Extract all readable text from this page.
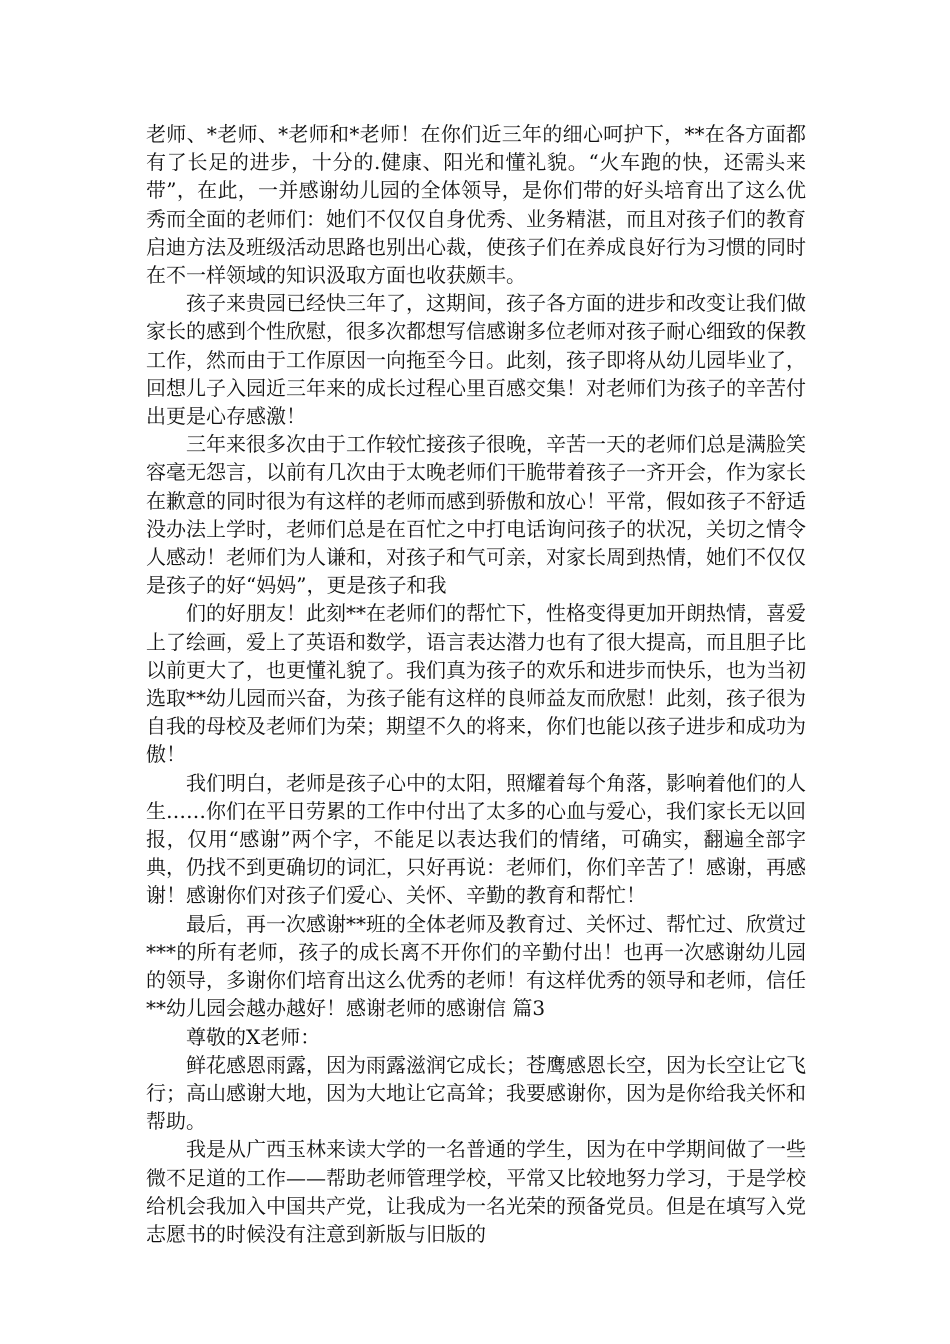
老师、*老师、*老师和*老师！在你们近三年的细心呵护下，**在各方面都有了长足的进步，十分的.健康、阳光和懂礼貌。“火车跑的快，还需头来带”，在此，一并感谢幼儿园的全体领导，是你们带的好头培育出了这么优秀而全面的老师们：她们不仅仅自身优秀、业务精湛，而且对孩子们的教育启迪方法及班级活动思路也别出心裁，使孩子们在养成良好行为习惯的同时在不一样领域的知识汲取方面也收获颇丰。

孩子来贵园已经快三年了，这期间，孩子各方面的进步和改变让我们做家长的感到个性欣慰，很多次都想写信感谢多位老师对孩子耐心细致的保教工作，然而由于工作原因一向拖至今日。此刻，孩子即将从幼儿园毕业了，回想儿子入园近三年来的成长过程心里百感交集！对老师们为孩子的辛苦付出更是心存感激！

三年来很多次由于工作较忙接孩子很晚，辛苦一天的老师们总是满脸笑容毫无怨言，以前有几次由于太晚老师们干脆带着孩子一齐开会，作为家长在歉意的同时很为有这样的老师而感到骄傲和放心！平常，假如孩子不舒适没办法上学时，老师们总是在百忙之中打电话询问孩子的状况，关切之情令人感动！老师们为人谦和，对孩子和气可亲，对家长周到热情，她们不仅仅是孩子的好“妈妈”，更是孩子和我

们的好朋友！此刻**在老师们的帮忙下，性格变得更加开朗热情，喜爱上了绘画，爱上了英语和数学，语言表达潜力也有了很大提高，而且胆子比以前更大了，也更懂礼貌了。我们真为孩子的欢乐和进步而快乐，也为当初选取**幼儿园而兴奋，为孩子能有这样的良师益友而欣慰！此刻，孩子很为自我的母校及老师们为荣；期望不久的将来，你们也能以孩子进步和成功为傲！

我们明白，老师是孩子心中的太阳，照耀着每个角落，影响着他们的人生……你们在平日劳累的工作中付出了太多的心血与爱心，我们家长无以回报，仅用“感谢”两个字，不能足以表达我们的情绪，可确实，翻遍全部字典，仍找不到更确切的词汇，只好再说：老师们，你们辛苦了！感谢，再感谢！感谢你们对孩子们爱心、关怀、辛勤的教育和帮忙！

最后，再一次感谢**班的全体老师及教育过、关怀过、帮忙过、欣赏过***的所有老师，孩子的成长离不开你们的辛勤付出！也再一次感谢幼儿园的领导，多谢你们培育出这么优秀的老师！有这样优秀的领导和老师，信任**幼儿园会越办越好！感谢老师的感谢信 篇3

尊敬的X老师：

鲜花感恩雨露，因为雨露滋润它成长；苍鹰感恩长空，因为长空让它飞行；高山感谢大地，因为大地让它高耸；我要感谢你，因为是你给我关怀和帮助。

我是从广西玉林来读大学的一名普通的学生，因为在中学期间做了一些微不足道的工作——帮助老师管理学校，平常又比较地努力学习，于是学校给机会我加入中国共产党，让我成为一名光荣的预备党员。但是在填写入党志愿书的时候没有注意到新版与旧版的
